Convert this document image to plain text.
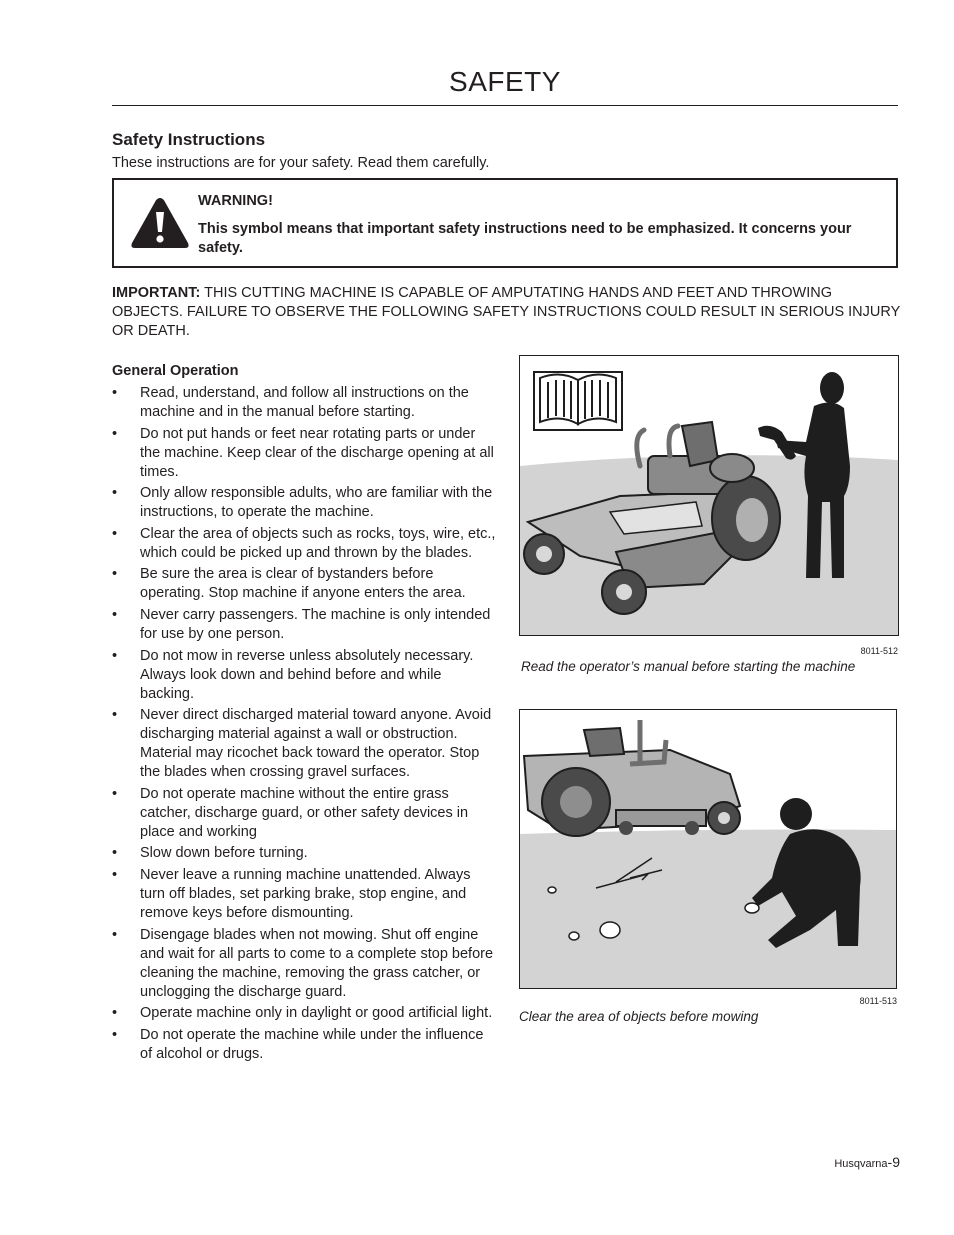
SAFETY
Safety Instructions
These instructions are for your safety. Read them carefully.
WARNING!
This symbol means that important safety instructions need to be emphasized. It concerns your safety.
IMPORTANT: THIS CUTTING MACHINE IS CAPABLE OF AMPUTATING HANDS AND FEET AND THROWING OBJECTS. FAILURE TO OBSERVE THE FOLLOWING SAFETY INSTRUCTIONS COULD RESULT IN SERIOUS INJURY OR DEATH.
General Operation
• Read, understand, and follow all instructions on the machine and in the manual before starting.
• Do not put hands or feet near rotating parts or under the machine. Keep clear of the discharge opening at all times.
• Only allow responsible adults, who are familiar with the instructions, to operate the machine.
• Clear the area of objects such as rocks, toys, wire, etc., which could be picked up and thrown by the blades.
• Be sure the area is clear of bystanders before operating. Stop machine if anyone enters the area.
• Never carry passengers. The machine is only intended for use by one person.
• Do not mow in reverse unless absolutely necessary. Always look down and behind before and while backing.
• Never direct discharged material toward anyone. Avoid discharging material against a wall or obstruction. Material may ricochet back toward the operator. Stop the blades when crossing gravel surfaces.
• Do not operate machine without the entire grass catcher, discharge guard, or other safety devices in place and working
• Slow down before turning.
• Never leave a running machine unattended. Always turn off blades, set parking brake, stop engine, and remove keys before dismounting.
• Disengage blades when not mowing. Shut off engine and wait for all parts to come to a complete stop before cleaning the machine, removing the grass catcher, or unclogging the discharge guard.
• Operate machine only in daylight or good artificial light.
• Do not operate the machine while under the influence of alcohol or drugs.
8011-512
Read the operator’s manual before starting the machine
8011-513
Clear the area of objects before mowing
Husqvarna-9
